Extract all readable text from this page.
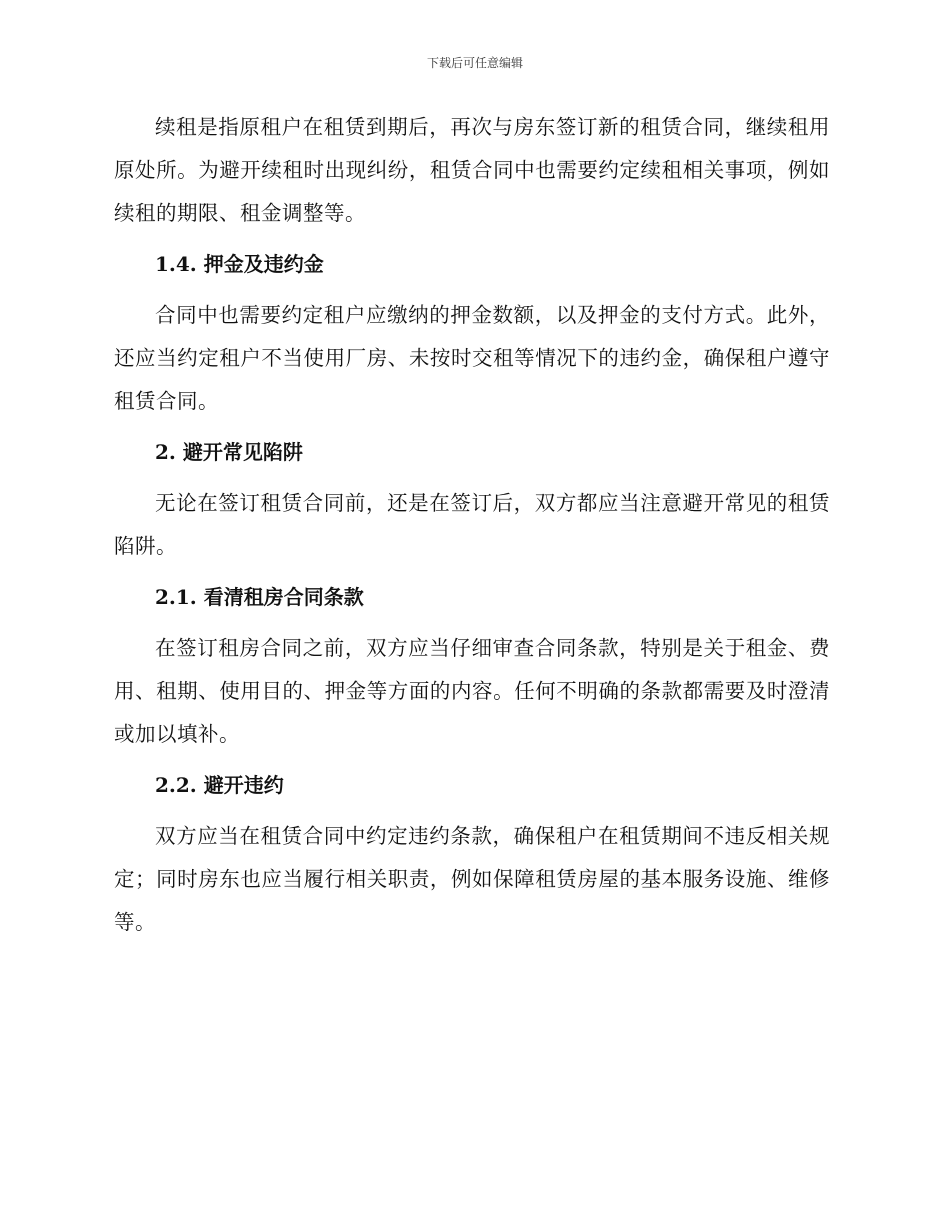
下载后可任意编辑

续租是指原租户在租赁到期后，再次与房东签订新的租赁合同，继续租用原处所。为避开续租时出现纠纷，租赁合同中也需要约定续租相关事项，例如续租的期限、租金调整等。

1.4. 押金及违约金

合同中也需要约定租户应缴纳的押金数额，以及押金的支付方式。此外，还应当约定租户不当使用厂房、未按时交租等情况下的违约金，确保租户遵守租赁合同。

2. 避开常见陷阱

无论在签订租赁合同前，还是在签订后，双方都应当注意避开常见的租赁陷阱。

2.1. 看清租房合同条款

在签订租房合同之前，双方应当仔细审查合同条款，特别是关于租金、费用、租期、使用目的、押金等方面的内容。任何不明确的条款都需要及时澄清或加以填补。

2.2. 避开违约

双方应当在租赁合同中约定违约条款，确保租户在租赁期间不违反相关规定；同时房东也应当履行相关职责，例如保障租赁房屋的基本服务设施、维修等。
